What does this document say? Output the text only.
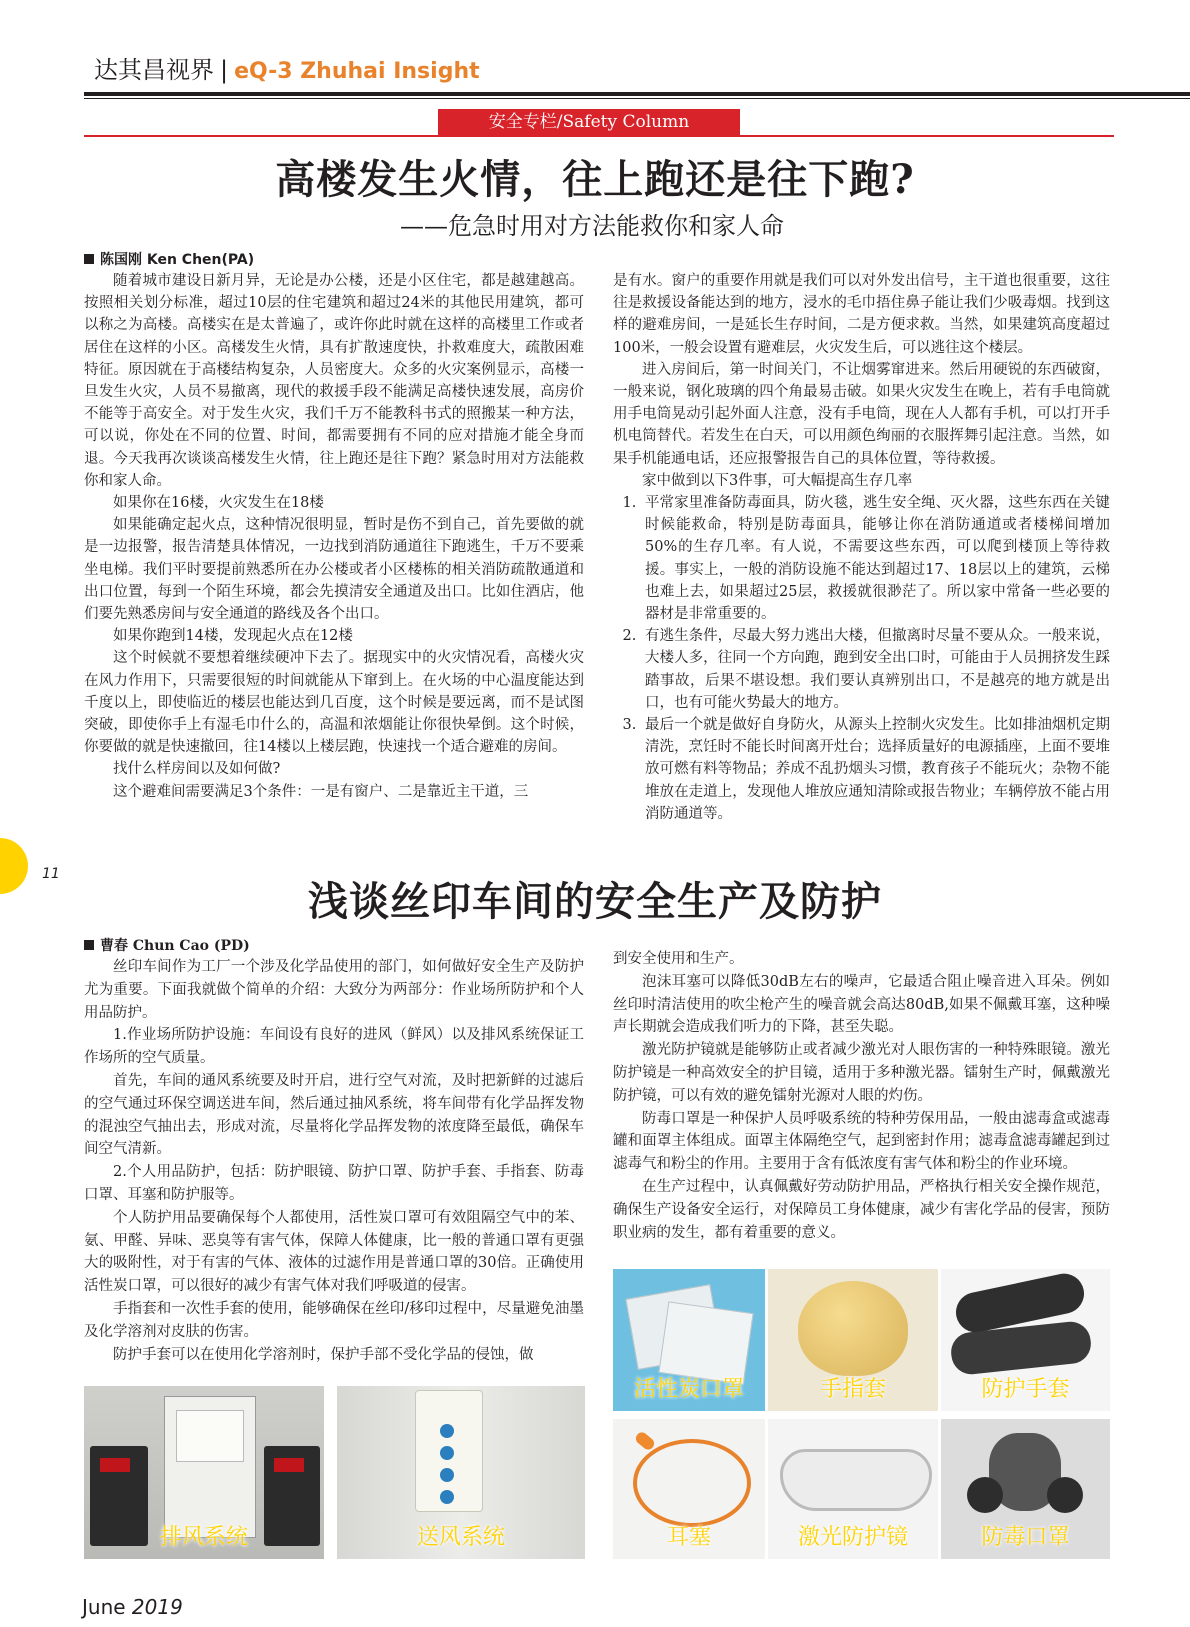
达其昌视界 | eQ-3 Zhuhai Insight
安全专栏/Safety Column
高楼发生火情，往上跑还是往下跑?
——危急时用对方法能救你和家人命
陈国刚 Ken Chen(PA)

随着城市建设日新月异，无论是办公楼，还是小区住宅，都是越建越高。按照相关划分标准，超过10层的住宅建筑和超过24米的其他民用建筑，都可以称之为高楼。高楼实在是太普遍了，或许你此时就在这样的高楼里工作或者居住在这样的小区。高楼发生火情，具有扩散速度快，扑救难度大，疏散困难特征。原因就在于高楼结构复杂，人员密度大。众多的火灾案例显示，高楼一旦发生火灾，人员不易撤离，现代的救援手段不能满足高楼快速发展，高房价不能等于高安全。对于发生火灾，我们千万不能教科书式的照搬某一种方法，可以说，你处在不同的位置、时间，都需要拥有不同的应对措施才能全身而退。今天我再次谈谈高楼发生火情，往上跑还是往下跑？紧急时用对方法能救你和家人命。

如果你在16楼，火灾发生在18楼

如果能确定起火点，这种情况很明显，暂时是伤不到自己，首先要做的就是一边报警，报告清楚具体情况，一边找到消防通道往下跑逃生，千万不要乘坐电梯。我们平时要提前熟悉所在办公楼或者小区楼栋的相关消防疏散通道和出口位置，每到一个陌生环境，都会先摸清安全通道及出口。比如住酒店，他们要先熟悉房间与安全通道的路线及各个出口。

如果你跑到14楼，发现起火点在12楼

这个时候就不要想着继续硬冲下去了。据现实中的火灾情况看，高楼火灾在风力作用下，只需要很短的时间就能从下窜到上。在火场的中心温度能达到千度以上，即使临近的楼层也能达到几百度，这个时候是要远离，而不是试图突破，即使你手上有湿毛巾什么的，高温和浓烟能让你很快晕倒。这个时候，你要做的就是快速撤回，往14楼以上楼层跑，快速找一个适合避难的房间。

找什么样房间以及如何做?

这个避难间需要满足3个条件：一是有窗户、二是靠近主干道，三

是有水。窗户的重要作用就是我们可以对外发出信号，主干道也很重要，这往往是救援设备能达到的地方，浸水的毛巾捂住鼻子能让我们少吸毒烟。找到这样的避难房间，一是延长生存时间，二是方便求救。当然，如果建筑高度超过100米，一般会设置有避难层，火灾发生后，可以逃往这个楼层。

进入房间后，第一时间关门，不让烟雾窜进来。然后用硬锐的东西破窗，一般来说，钢化玻璃的四个角最易击破。如果火灾发生在晚上，若有手电筒就用手电筒晃动引起外面人注意，没有手电筒，现在人人都有手机，可以打开手机电筒替代。若发生在白天，可以用颜色绚丽的衣服挥舞引起注意。当然，如果手机能通电话，还应报警报告自己的具体位置，等待救援。

家中做到以下3件事，可大幅提高生存几率

1. 平常家里准备防毒面具，防火毯，逃生安全绳、灭火器，这些东西在关键时候能救命，特别是防毒面具，能够让你在消防通道或者楼梯间增加50%的生存几率。有人说，不需要这些东西，可以爬到楼顶上等待救援。事实上，一般的消防设施不能达到超过17、18层以上的建筑，云梯也难上去，如果超过25层，救援就很渺茫了。所以家中常备一些必要的器材是非常重要的。
2. 有逃生条件，尽最大努力逃出大楼，但撤离时尽量不要从众。一般来说，大楼人多，往同一个方向跑，跑到安全出口时，可能由于人员拥挤发生踩踏事故，后果不堪设想。我们要认真辨别出口，不是越亮的地方就是出口，也有可能火势最大的地方。
3. 最后一个就是做好自身防火，从源头上控制火灾发生。比如排油烟机定期清洗，烹饪时不能长时间离开灶台；选择质量好的电源插座，上面不要堆放可燃有料等物品；养成不乱扔烟头习惯，教育孩子不能玩火；杂物不能堆放在走道上，发现他人堆放应通知清除或报告物业；车辆停放不能占用消防通道等。
11
浅谈丝印车间的安全生产及防护
曹春 Chun Cao (PD)

丝印车间作为工厂一个涉及化学品使用的部门，如何做好安全生产及防护尤为重要。下面我就做个简单的介绍：大致分为两部分：作业场所防护和个人用品防护。

1.作业场所防护设施：车间设有良好的进风（鲜风）以及排风系统保证工作场所的空气质量。

首先，车间的通风系统要及时开启，进行空气对流，及时把新鲜的过滤后的空气通过环保空调送进车间，然后通过抽风系统，将车间带有化学品挥发物的混浊空气抽出去，形成对流，尽量将化学品挥发物的浓度降至最低，确保车间空气清新。

2.个人用品防护，包括：防护眼镜、防护口罩、防护手套、手指套、防毒口罩、耳塞和防护服等。

个人防护用品要确保每个人都使用，活性炭口罩可有效阻隔空气中的苯、氨、甲醛、异味、恶臭等有害气体，保障人体健康，比一般的普通口罩有更强大的吸附性，对于有害的气体、液体的过滤作用是普通口罩的30倍。正确使用活性炭口罩，可以很好的减少有害气体对我们呼吸道的侵害。

手指套和一次性手套的使用，能够确保在丝印/移印过程中，尽量避免油墨及化学溶剂对皮肤的伤害。

防护手套可以在使用化学溶剂时，保护手部不受化学品的侵蚀，做

到安全使用和生产。

泡沫耳塞可以降低30dB左右的噪声，它最适合阻止噪音进入耳朵。例如丝印时清洁使用的吹尘枪产生的噪音就会高达80dB,如果不佩戴耳塞，这种噪声长期就会造成我们听力的下降，甚至失聪。

激光防护镜就是能够防止或者减少激光对人眼伤害的一种特殊眼镜。激光防护镜是一种高效安全的护目镜，适用于多种激光器。镭射生产时，佩戴激光防护镜，可以有效的避免镭射光源对人眼的灼伤。

防毒口罩是一种保护人员呼吸系统的特种劳保用品，一般由滤毒盒或滤毒罐和面罩主体组成。面罩主体隔绝空气，起到密封作用；滤毒盒滤毒罐起到过滤毒气和粉尘的作用。主要用于含有低浓度有害气体和粉尘的作业环境。

在生产过程中，认真佩戴好劳动防护用品，严格执行相关安全操作规范，确保生产设备安全运行，对保障员工身体健康，减少有害化学品的侵害，预防职业病的发生，都有着重要的意义。

排风系统	送风系统
活性炭口罩	手指套	防护手套
耳塞	激光防护镜	防毒口罩
June 2019
